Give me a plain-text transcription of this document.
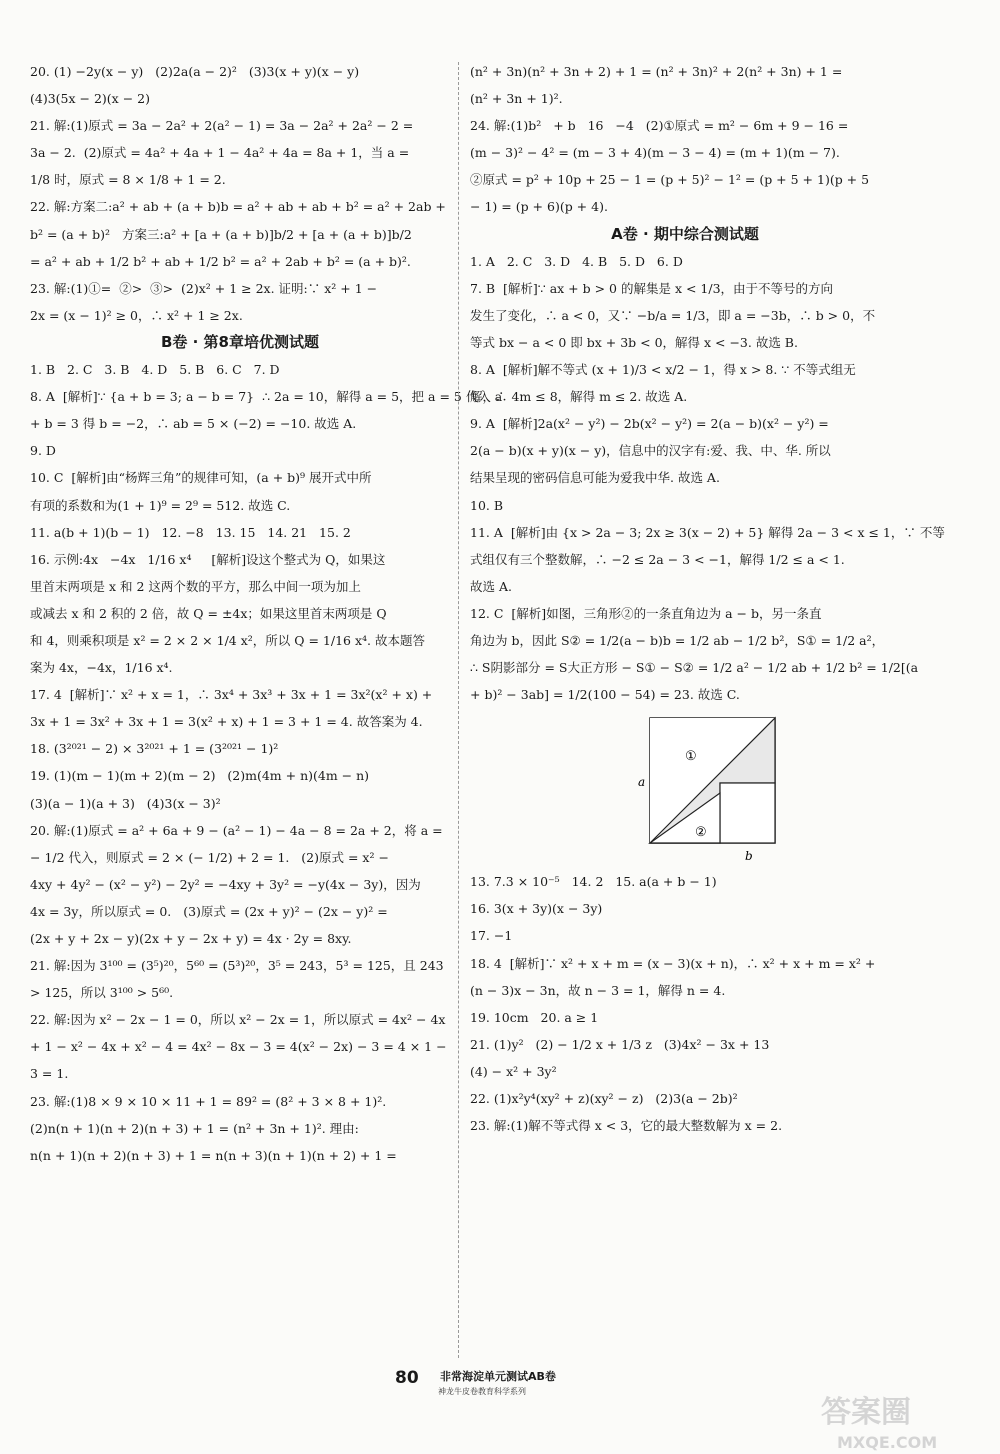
20. (1) −2y(x − y)   (2)2a(a − 2)²   (3)3(x + y)(x − y)
(4)3(5x − 2)(x − 2)
21. 解:(1)原式 = 3a − 2a² + 2(a² − 1) = 3a − 2a² + 2a² − 2 =
3a − 2.  (2)原式 = 4a² + 4a + 1 − 4a² + 4a = 8a + 1，当 a =
1/8 时，原式 = 8 × 1/8 + 1 = 2.
22. 解:方案二:a² + ab + (a + b)b = a² + ab + ab + b² = a² + 2ab +
b² = (a + b)²   方案三:a² + [a + (a + b)]b/2 + [a + (a + b)]b/2
= a² + ab + 1/2 b² + ab + 1/2 b² = a² + 2ab + b² = (a + b)².
23. 解:(1)①=  ②>  ③>  (2)x² + 1 ≥ 2x. 证明:∵ x² + 1 −
2x = (x − 1)² ≥ 0，∴ x² + 1 ≥ 2x.
B卷 · 第8章培优测试题
1. B   2. C   3. B   4. D   5. B   6. C   7. D
8. A  [解析]∵ {a + b = 3; a − b = 7}  ∴ 2a = 10，解得 a = 5，把 a = 5 代入 a
+ b = 3 得 b = −2，∴ ab = 5 × (−2) = −10. 故选 A.
9. D
10. C  [解析]由“杨辉三角”的规律可知，(a + b)⁹ 展开式中所
有项的系数和为(1 + 1)⁹ = 2⁹ = 512. 故选 C.
11. a(b + 1)(b − 1)   12. −8   13. 15   14. 21   15. 2
16. 示例:4x   −4x   1/16 x⁴     [解析]设这个整式为 Q，如果这
里首末两项是 x 和 2 这两个数的平方，那么中间一项为加上
或减去 x 和 2 积的 2 倍，故 Q = ±4x；如果这里首末两项是 Q
和 4，则乘积项是 x² = 2 × 2 × 1/4 x²，所以 Q = 1/16 x⁴. 故本题答
案为 4x，−4x，1/16 x⁴.
17. 4  [解析]∵ x² + x = 1，∴ 3x⁴ + 3x³ + 3x + 1 = 3x²(x² + x) +
3x + 1 = 3x² + 3x + 1 = 3(x² + x) + 1 = 3 + 1 = 4. 故答案为 4.
18. (3²⁰²¹ − 2) × 3²⁰²¹ + 1 = (3²⁰²¹ − 1)²
19. (1)(m − 1)(m + 2)(m − 2)   (2)m(4m + n)(4m − n)
(3)(a − 1)(a + 3)   (4)3(x − 3)²
20. 解:(1)原式 = a² + 6a + 9 − (a² − 1) − 4a − 8 = 2a + 2，将 a =
− 1/2 代入，则原式 = 2 × (− 1/2) + 2 = 1.   (2)原式 = x² −
4xy + 4y² − (x² − y²) − 2y² = −4xy + 3y² = −y(4x − 3y)，因为
4x = 3y，所以原式 = 0.   (3)原式 = (2x + y)² − (2x − y)² =
(2x + y + 2x − y)(2x + y − 2x + y) = 4x · 2y = 8xy.
21. 解:因为 3¹⁰⁰ = (3⁵)²⁰，5⁶⁰ = (5³)²⁰，3⁵ = 243，5³ = 125，且 243
> 125，所以 3¹⁰⁰ > 5⁶⁰.
22. 解:因为 x² − 2x − 1 = 0，所以 x² − 2x = 1，所以原式 = 4x² − 4x
+ 1 − x² − 4x + x² − 4 = 4x² − 8x − 3 = 4(x² − 2x) − 3 = 4 × 1 −
3 = 1.
23. 解:(1)8 × 9 × 10 × 11 + 1 = 89² = (8² + 3 × 8 + 1)².
(2)n(n + 1)(n + 2)(n + 3) + 1 = (n² + 3n + 1)². 理由:
n(n + 1)(n + 2)(n + 3) + 1 = n(n + 3)(n + 1)(n + 2) + 1 =
(n² + 3n)(n² + 3n + 2) + 1 = (n² + 3n)² + 2(n² + 3n) + 1 =
(n² + 3n + 1)².
24. 解:(1)b²   + b   16   −4   (2)①原式 = m² − 6m + 9 − 16 =
(m − 3)² − 4² = (m − 3 + 4)(m − 3 − 4) = (m + 1)(m − 7).
②原式 = p² + 10p + 25 − 1 = (p + 5)² − 1² = (p + 5 + 1)(p + 5
− 1) = (p + 6)(p + 4).
A卷 · 期中综合测试题
1. A   2. C   3. D   4. B   5. D   6. D
7. B  [解析]∵ ax + b > 0 的解集是 x < 1/3，由于不等号的方向
发生了变化，∴ a < 0，又∵ −b/a = 1/3，即 a = −3b，∴ b > 0，不
等式 bx − a < 0 即 bx + 3b < 0，解得 x < −3. 故选 B.
8. A  [解析]解不等式 (x + 1)/3 < x/2 − 1，得 x > 8. ∵ 不等式组无
解，∴ 4m ≤ 8，解得 m ≤ 2. 故选 A.
9. A  [解析]2a(x² − y²) − 2b(x² − y²) = 2(a − b)(x² − y²) =
2(a − b)(x + y)(x − y)，信息中的汉字有:爱、我、中、华. 所以
结果呈现的密码信息可能为爱我中华. 故选 A.
10. B
11. A  [解析]由 {x > 2a − 3; 2x ≥ 3(x − 2) + 5} 解得 2a − 3 < x ≤ 1，∵ 不等
式组仅有三个整数解，∴ −2 ≤ 2a − 3 < −1，解得 1/2 ≤ a < 1.
故选 A.
12. C  [解析]如图，三角形②的一条直角边为 a − b，另一条直
角边为 b，因此 S② = 1/2(a − b)b = 1/2 ab − 1/2 b²，S① = 1/2 a²，
∴ S阴影部分 = S大正方形 − S① − S② = 1/2 a² − 1/2 ab + 1/2 b² = 1/2[(a
+ b)² − 3ab] = 1/2(100 − 54) = 23. 故选 C.
①
②
a
b
13. 7.3 × 10⁻⁵   14. 2   15. a(a + b − 1)
16. 3(x + 3y)(x − 3y)
17. −1
18. 4  [解析]∵ x² + x + m = (x − 3)(x + n)，∴ x² + x + m = x² +
(n − 3)x − 3n，故 n − 3 = 1，解得 n = 4.
19. 10cm   20. a ≥ 1
21. (1)y²   (2) − 1/2 x + 1/3 z   (3)4x² − 3x + 13
(4) − x² + 3y²
22. (1)x²y⁴(xy² + z)(xy² − z)   (2)3(a − 2b)²
23. 解:(1)解不等式得 x < 3，它的最大整数解为 x = 2.
80 非常海淀单元测试AB卷
神龙牛皮卷教育科学系列
答案圈
MXQE.COM
